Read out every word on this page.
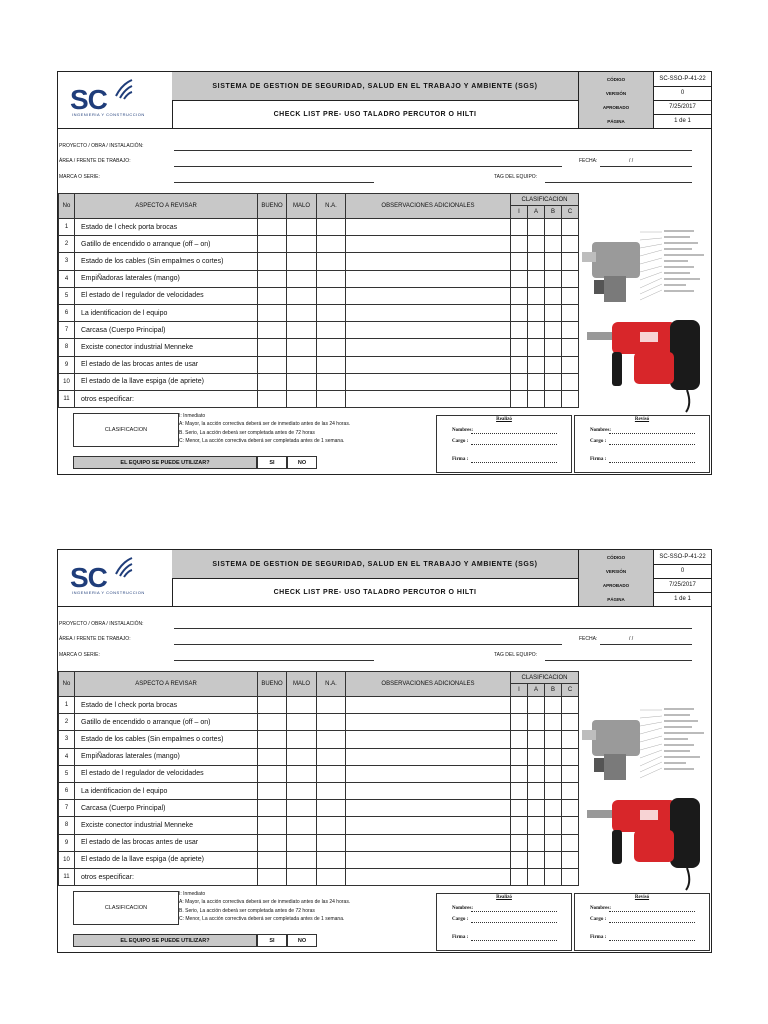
SC
INGENIERIA Y CONSTRUCCION
SISTEMA DE GESTION DE SEGURIDAD, SALUD EN EL TRABAJO Y AMBIENTE (SGS)
CHECK LIST PRE- USO TALADRO PERCUTOR O HILTI
CÓDIGO	SC-SSO-P-41-22
VERSIÓN	0
APROBADO	7/25/2017
PÁGINA	1 de 1
PROYECTO / OBRA / INSTALACIÓN:
ÁREA / FRENTE DE TRABAJO:	FECHA:	/ /
MARCA O SERIE:	TAG DEL EQUIPO:
No	ASPECTO A REVISAR	BUENO	MALO	N.A.	OBSERVACIONES ADICIONALES
CLASIFICACION
I	A	B	C
1	Estado de l check porta brocas
2	Gatillo de encendido o arranque (off – on)
3	Estado de los cables (Sin empalmes o cortes)
4	EmpiÑadoras laterales (mango)
5	El estado de l regulador de velocidades
6	La identificacion de l equipo
7	Carcasa (Cuerpo Principal)
8	Exciste conector industrial Menneke
9	El estado de las brocas antes de usar
10	El estado de la llave espiga (de apriete)
11	otros especificar:
CLASIFICACION
I: Inmediato
A: Mayor, la acción correctiva deberá ser de inmediato antes de las 24 horas.
B. Serio, La acción deberá ser completada antes de 72 horas
C: Menor, La acción correctiva deberá ser completada antes de 1 semana.
EL EQUIPO SE PUEDE UTILIZAR?	SI	NO
Realizó
Nombres:
Cargo :
Firma :
Revisó
Nombres:
Cargo :
Firma :
SC
INGENIERIA Y CONSTRUCCION
SISTEMA DE GESTION DE SEGURIDAD, SALUD EN EL TRABAJO Y AMBIENTE (SGS)
CHECK LIST PRE- USO TALADRO PERCUTOR O HILTI
CÓDIGO	SC-SSO-P-41-22
VERSIÓN	0
APROBADO	7/25/2017
PÁGINA	1 de 1
PROYECTO / OBRA / INSTALACIÓN:
ÁREA / FRENTE DE TRABAJO:	FECHA:	/ /
MARCA O SERIE:	TAG DEL EQUIPO:
No	ASPECTO A REVISAR	BUENO	MALO	N.A.	OBSERVACIONES ADICIONALES
CLASIFICACION
I	A	B	C
1	Estado de l check porta brocas
2	Gatillo de encendido o arranque (off – on)
3	Estado de los cables (Sin empalmes o cortes)
4	EmpiÑadoras laterales (mango)
5	El estado de l regulador de velocidades
6	La identificacion de l equipo
7	Carcasa (Cuerpo Principal)
8	Exciste conector industrial Menneke
9	El estado de las brocas antes de usar
10	El estado de la llave espiga (de apriete)
11	otros especificar:
CLASIFICACION
I: Inmediato
A: Mayor, la acción correctiva deberá ser de inmediato antes de las 24 horas.
B. Serio, La acción deberá ser completada antes de 72 horas
C: Menor, La acción correctiva deberá ser completada antes de 1 semana.
EL EQUIPO SE PUEDE UTILIZAR?	SI	NO
Realizó
Nombres:
Cargo :
Firma :
Revisó
Nombres:
Cargo :
Firma :
